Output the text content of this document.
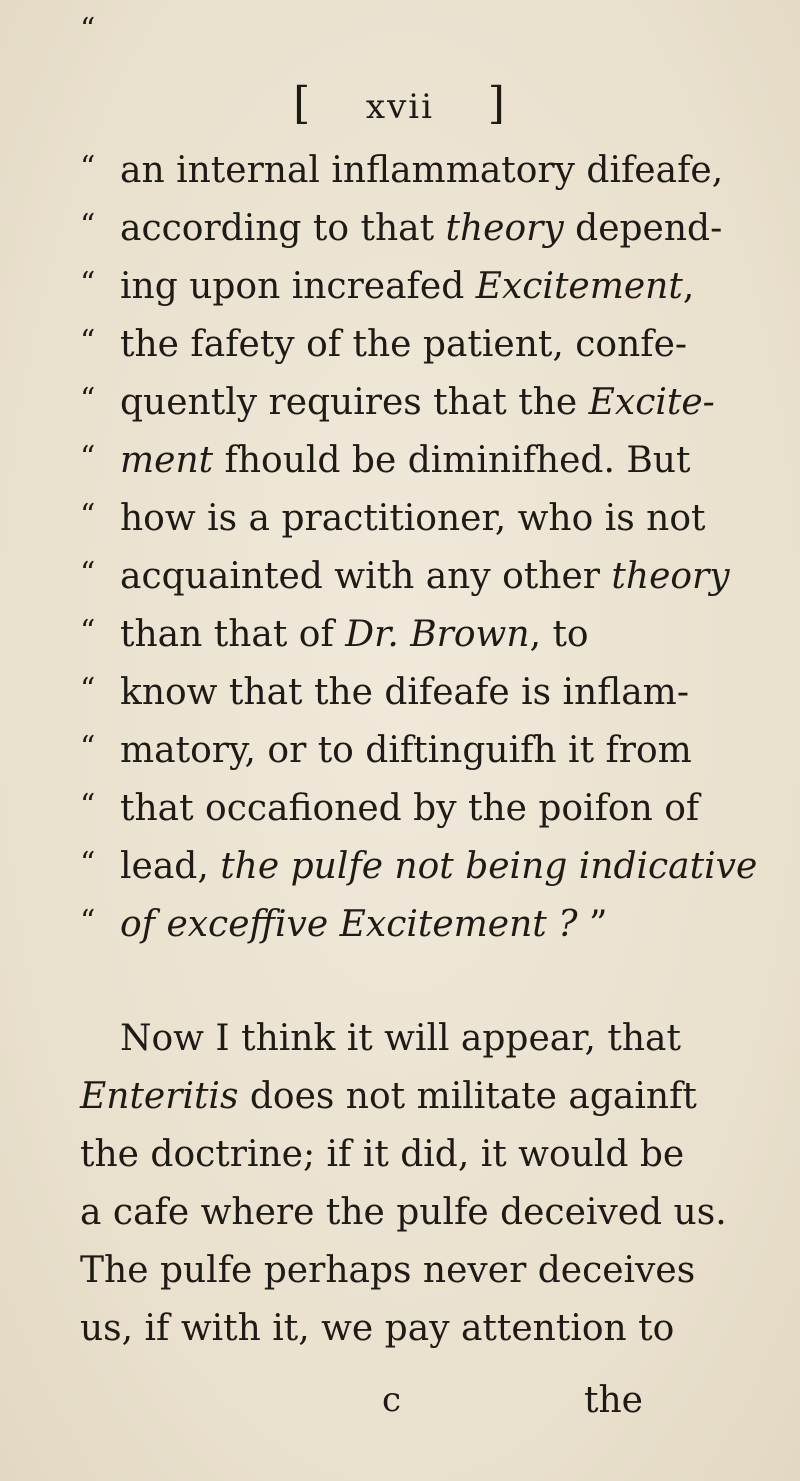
[ xvii ]
“
“ an internal inflammatory difeafe,
“ according to that theory depend-
“ ing upon increafed Excitement,
“ the fafety of the patient, confe-
“ quently requires that the Excite-
“ ment fhould be diminifhed. But
“ how is a practitioner, who is not
“ acquainted with any other theory
“ than that of Dr. Brown, to
“ know that the difeafe is inflam-
“ matory, or to diftinguifh it from
“ that occafioned by the poifon of
“ lead, the pulfe not being indicative
“ of exceffive Excitement ? ”
Now I think it will appear, that
Enteritis does not militate againft
the doctrine; if it did, it would be
a cafe where the pulfe deceived us.
The pulfe perhaps never deceives
us, if with it, we pay attention to
c	the
